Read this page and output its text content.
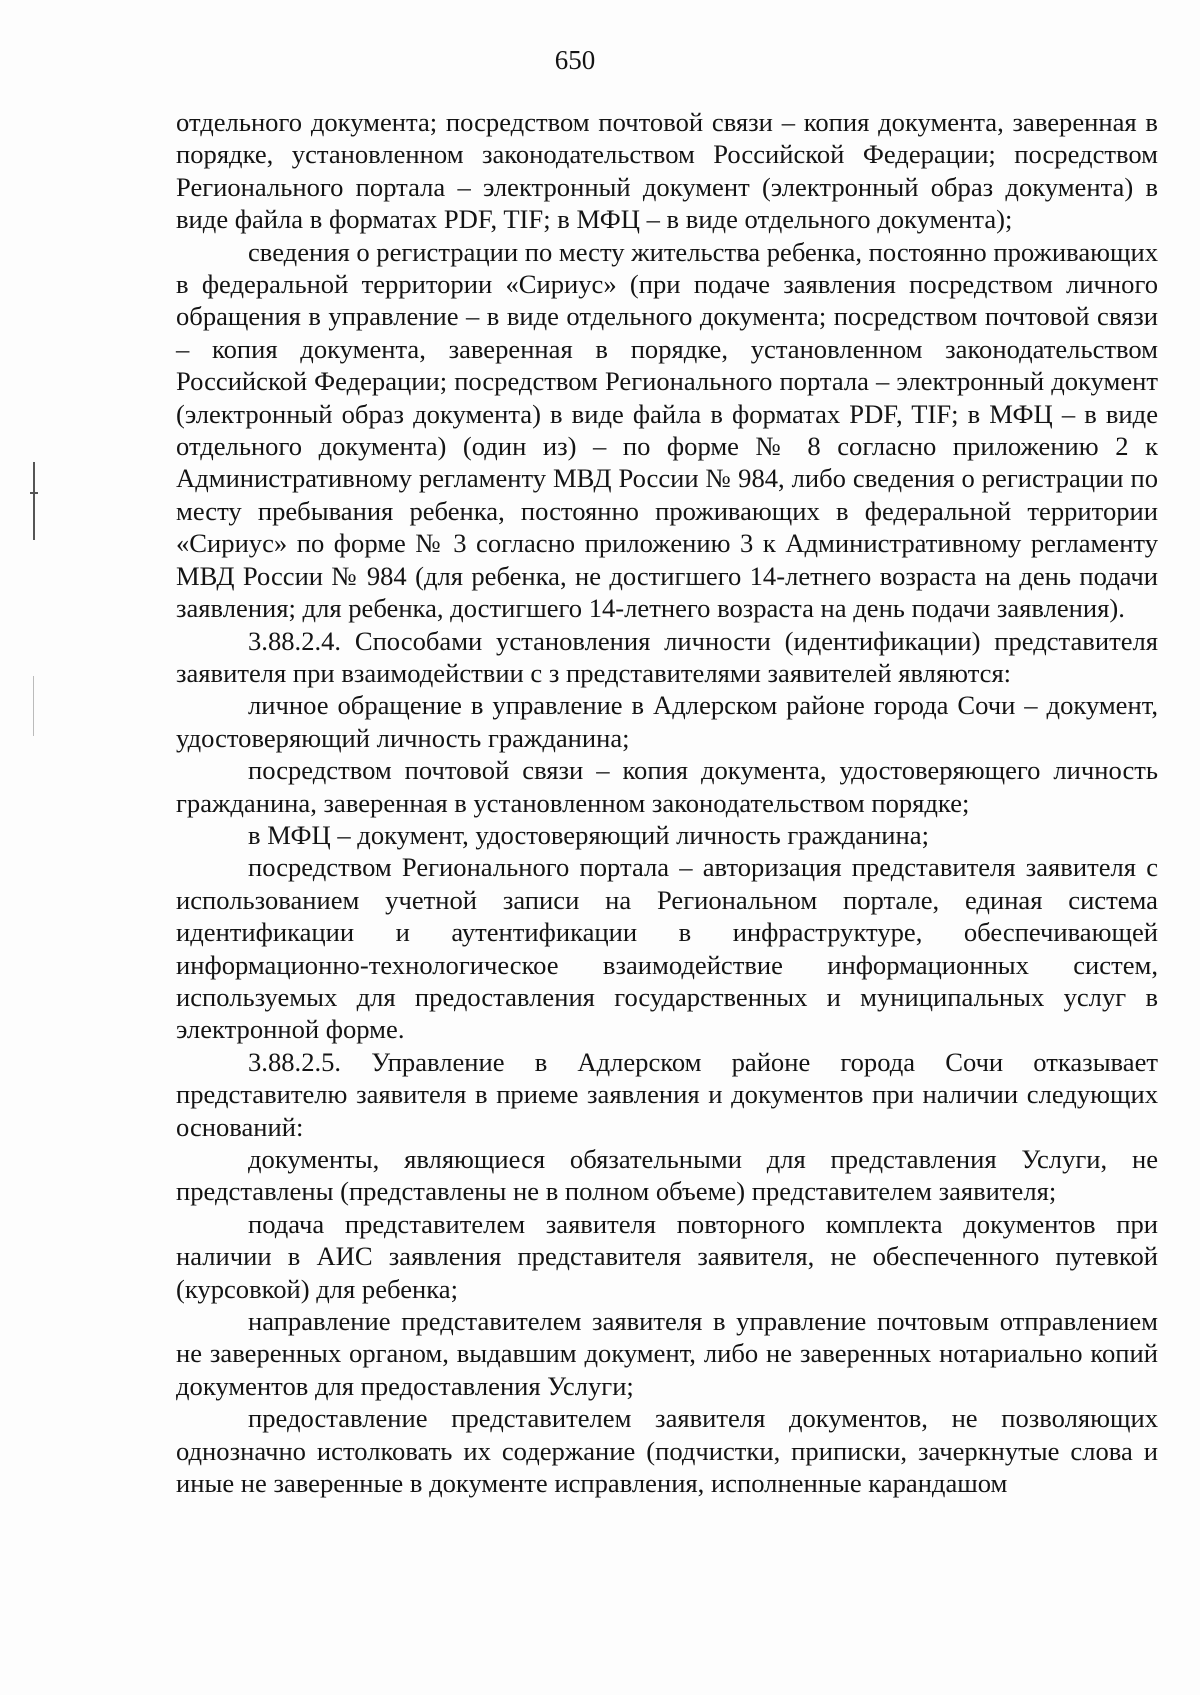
650

отдельного документа; посредством почтовой связи – копия документа, заверенная в порядке, установленном законодательством Российской Федерации; посредством Регионального портала – электронный документ (электронный образ документа) в виде файла в форматах PDF, TIF; в МФЦ – в виде отдельного документа);

сведения о регистрации по месту жительства ребенка, постоянно проживающих в федеральной территории «Сириус» (при подаче заявления посредством личного обращения в управление – в виде отдельного документа; посредством почтовой связи – копия документа, заверенная в порядке, установленном законодательством Российской Федерации; посредством Регионального портала – электронный документ (электронный образ документа) в виде файла в форматах PDF, TIF; в МФЦ – в виде отдельного документа) (один из) – по форме № 8 согласно приложению 2 к Административному регламенту МВД России № 984, либо сведения о регистрации по месту пребывания ребенка, постоянно проживающих в федеральной территории «Сириус» по форме № 3 согласно приложению 3 к Административному регламенту МВД России № 984 (для ребенка, не достигшего 14-летнего возраста на день подачи заявления; для ребенка, достигшего 14-летнего возраста на день подачи заявления).

3.88.2.4. Способами установления личности (идентификации) представителя заявителя при взаимодействии с з представителями заявителей являются:

личное обращение в управление в Адлерском районе города Сочи – документ, удостоверяющий личность гражданина;

посредством почтовой связи – копия документа, удостоверяющего личность гражданина, заверенная в установленном законодательством порядке;

в МФЦ – документ, удостоверяющий личность гражданина;

посредством Регионального портала – авторизация представителя заявителя с использованием учетной записи на Региональном портале, единая система идентификации и аутентификации в инфраструктуре, обеспечивающей информационно-технологическое взаимодействие информационных систем, используемых для предоставления государственных и муниципальных услуг в электронной форме.

3.88.2.5. Управление в Адлерском районе города Сочи отказывает представителю заявителя в приеме заявления и документов при наличии следующих оснований:

документы, являющиеся обязательными для представления Услуги, не представлены (представлены не в полном объеме) представителем заявителя;

подача представителем заявителя повторного комплекта документов при наличии в АИС заявления представителя заявителя, не обеспеченного путевкой (курсовкой) для ребенка;

направление представителем заявителя в управление почтовым отправлением не заверенных органом, выдавшим документ, либо не заверенных нотариально копий документов для предоставления Услуги;

предоставление представителем заявителя документов, не позволяющих однозначно истолковать их содержание (подчистки, приписки, зачеркнутые слова и иные не заверенные в документе исправления, исполненные карандашом
